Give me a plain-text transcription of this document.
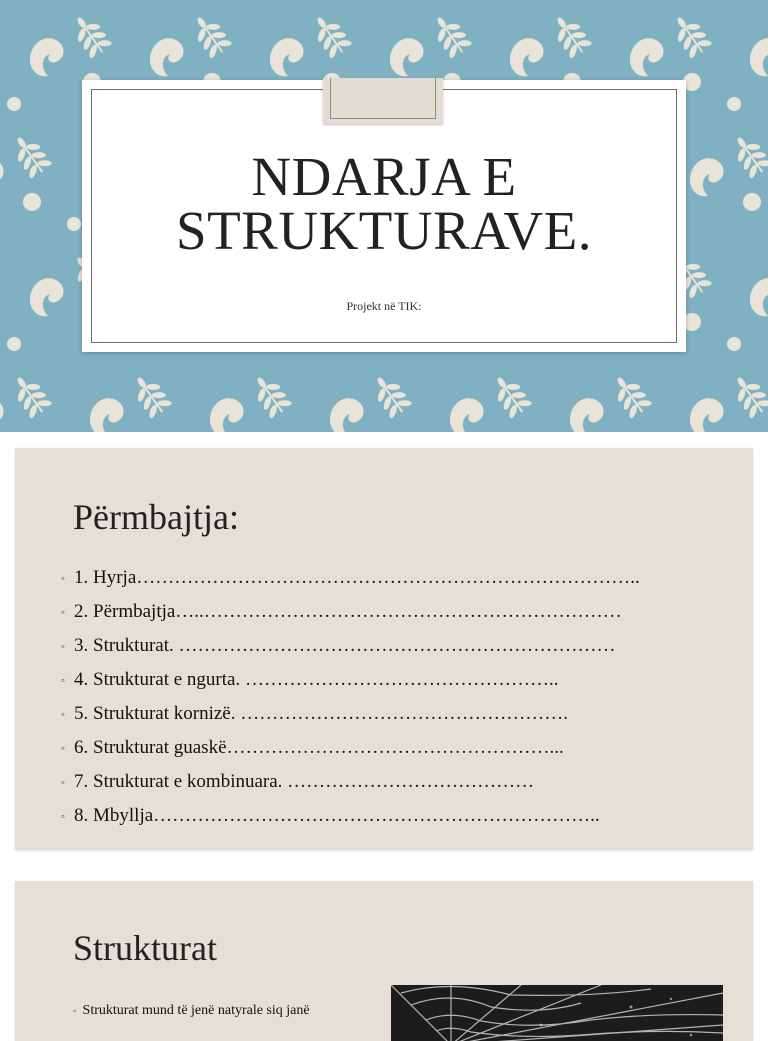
NDARJA E
STRUKTURAVE.
Projekt në TIK:
Përmbajtja:
◦ 1. Hyrja……………………………………………………………………..
◦ 2. Përmbajtja…..…………………………………………………………
◦ 3. Strukturat. ……………………………………………………………
◦ 4. Strukturat e ngurta. …………………………………………..
◦ 5. Strukturat kornizë. …………………………………………….
◦ 6. Strukturat guaskë……………………………………………...
◦ 7. Strukturat e kombinuara. …………………………………
◦ 8. Mbyllja……………………………………………………………..
Strukturat
◦ Strukturat mund të jenë natyrale siq janë
